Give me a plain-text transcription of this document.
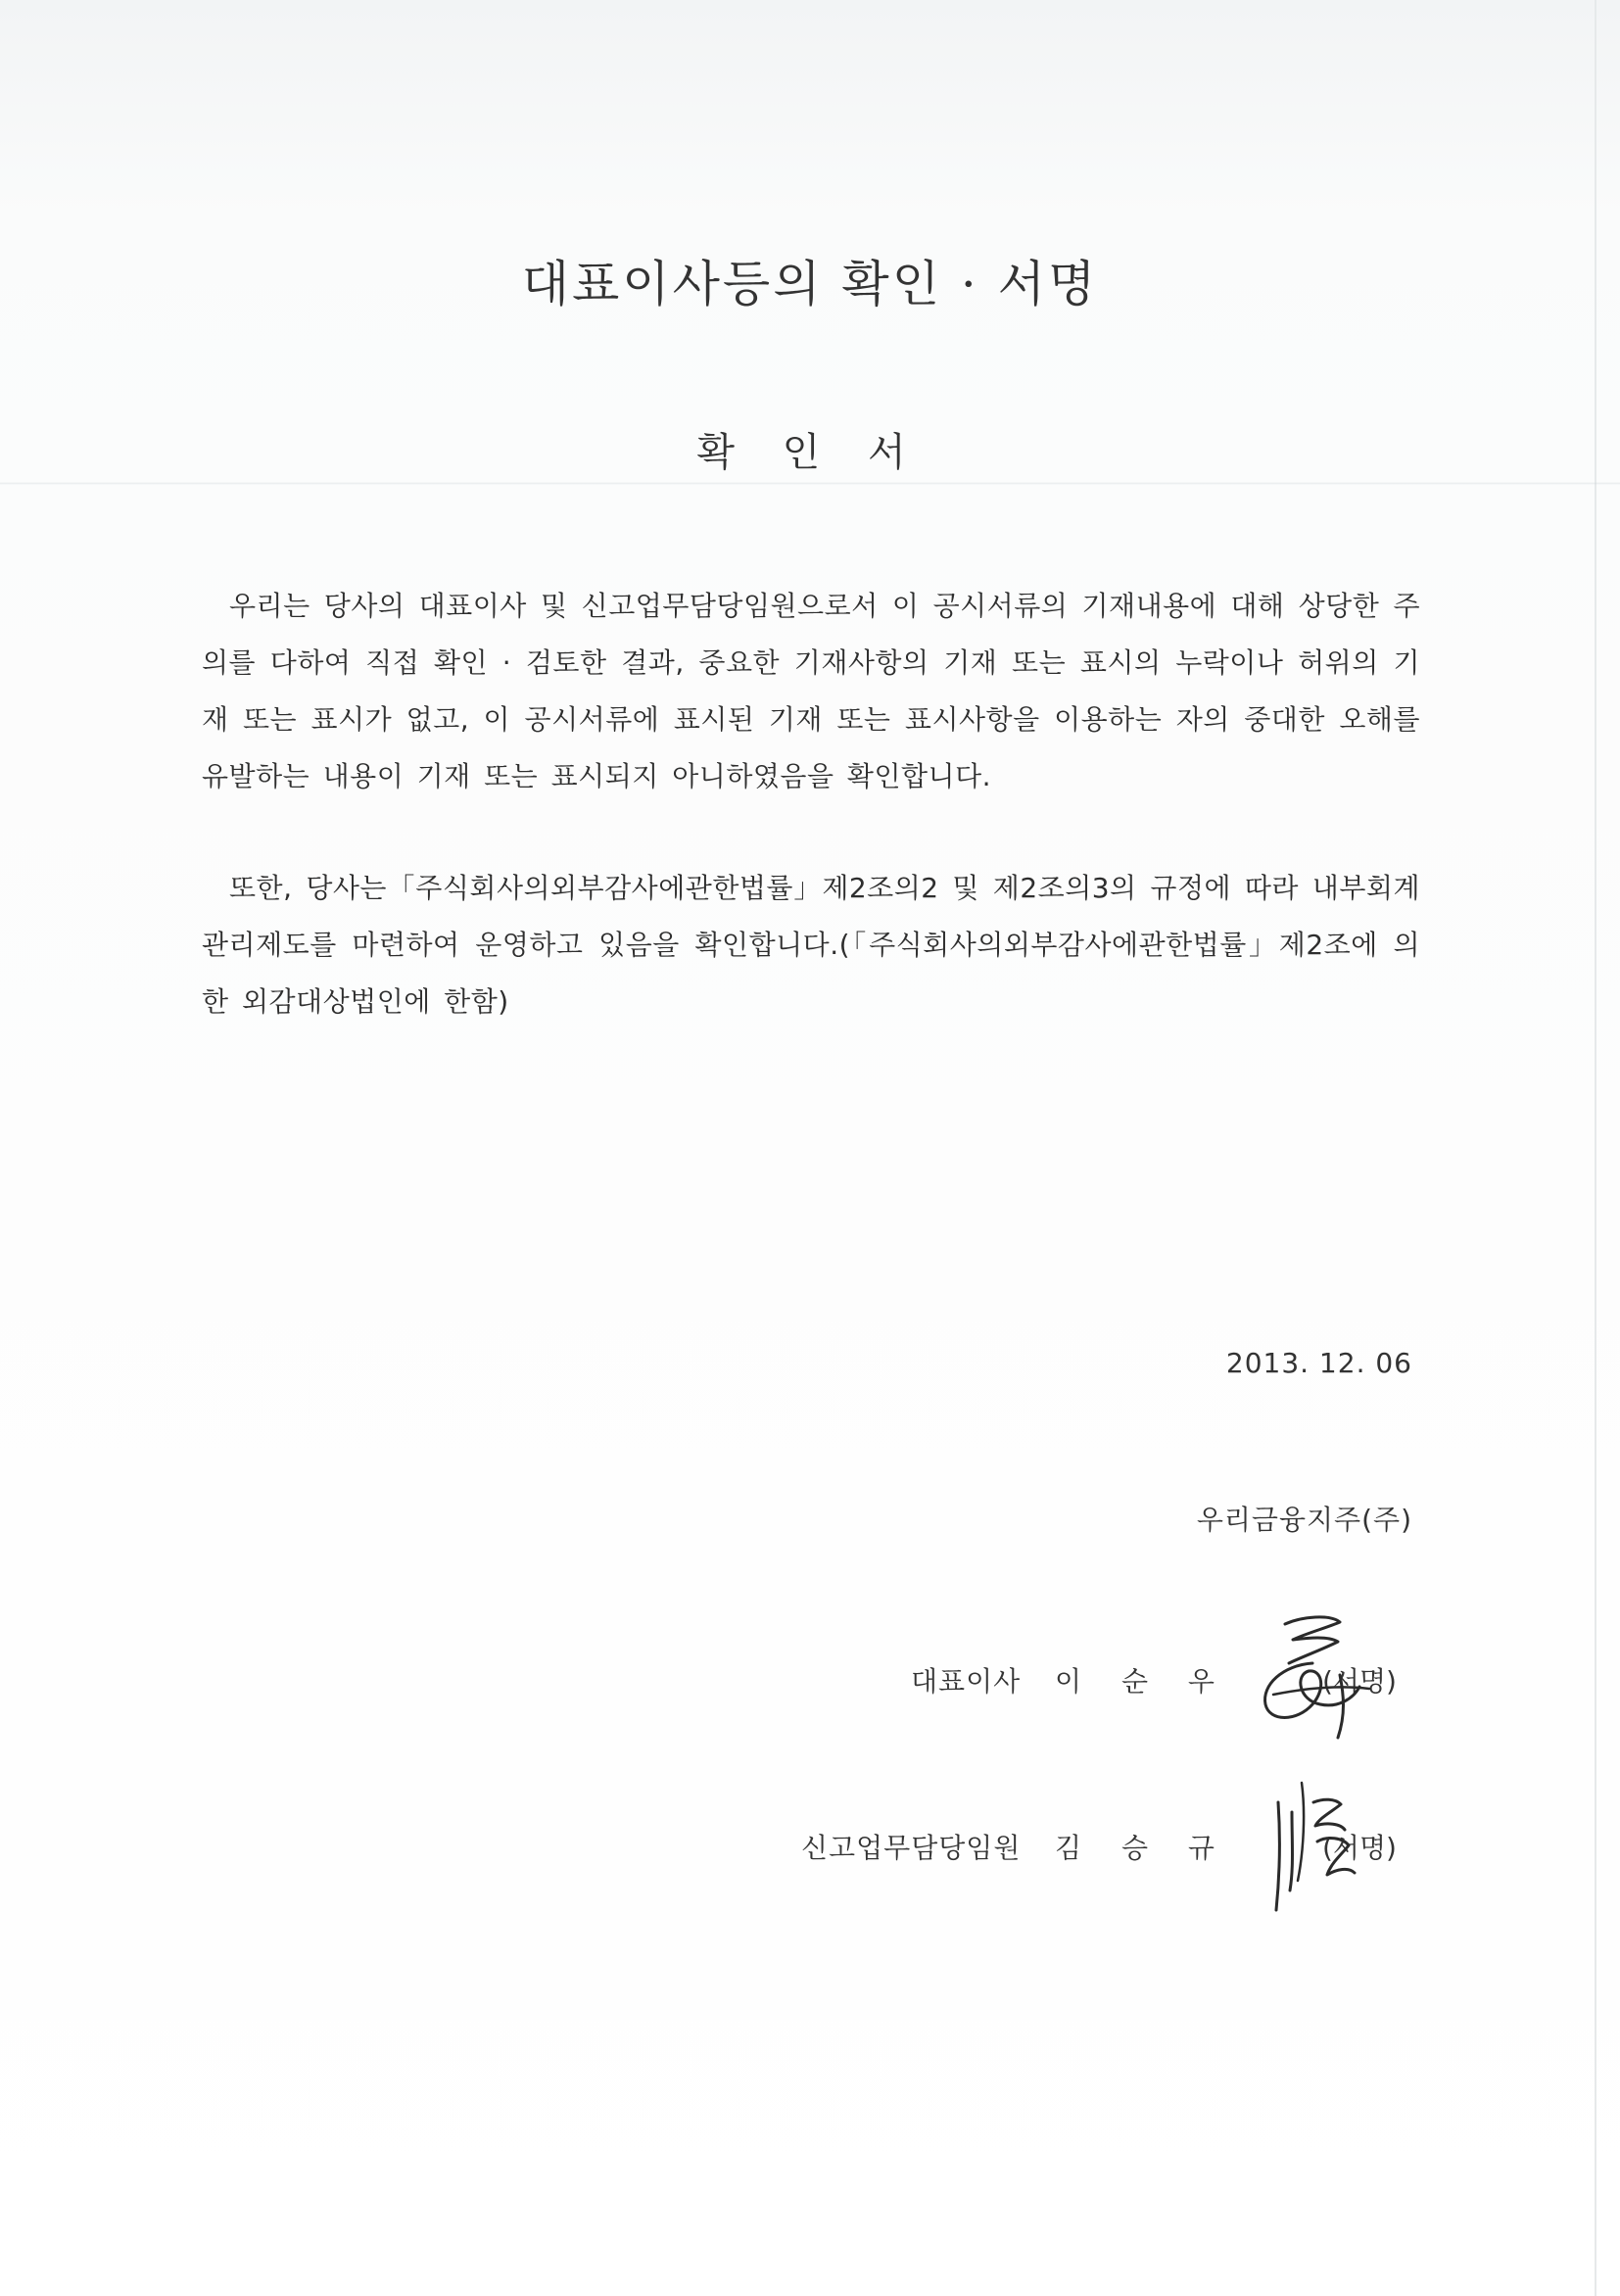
대표이사등의 확인 · 서명
확 인 서
우리는 당사의 대표이사 및 신고업무담당임원으로서 이 공시서류의 기재내용에 대해 상당한 주의를 다하여 직접 확인 · 검토한 결과, 중요한 기재사항의 기재 또는 표시의 누락이나 허위의 기재 또는 표시가 없고, 이 공시서류에 표시된 기재 또는 표시사항을 이용하는 자의 중대한 오해를 유발하는 내용이 기재 또는 표시되지 아니하였음을 확인합니다.
또한, 당사는「주식회사의외부감사에관한법률」제2조의2 및 제2조의3의 규정에 따라 내부회계관리제도를 마련하여 운영하고 있음을 확인합니다.(「주식회사의외부감사에관한법률」제2조에 의한 외감대상법인에 한함)
2013. 12. 06
우리금융지주(주)
대표이사 이 순 우	(서명)
신고업무담당임원 김 승 규	(서명)
